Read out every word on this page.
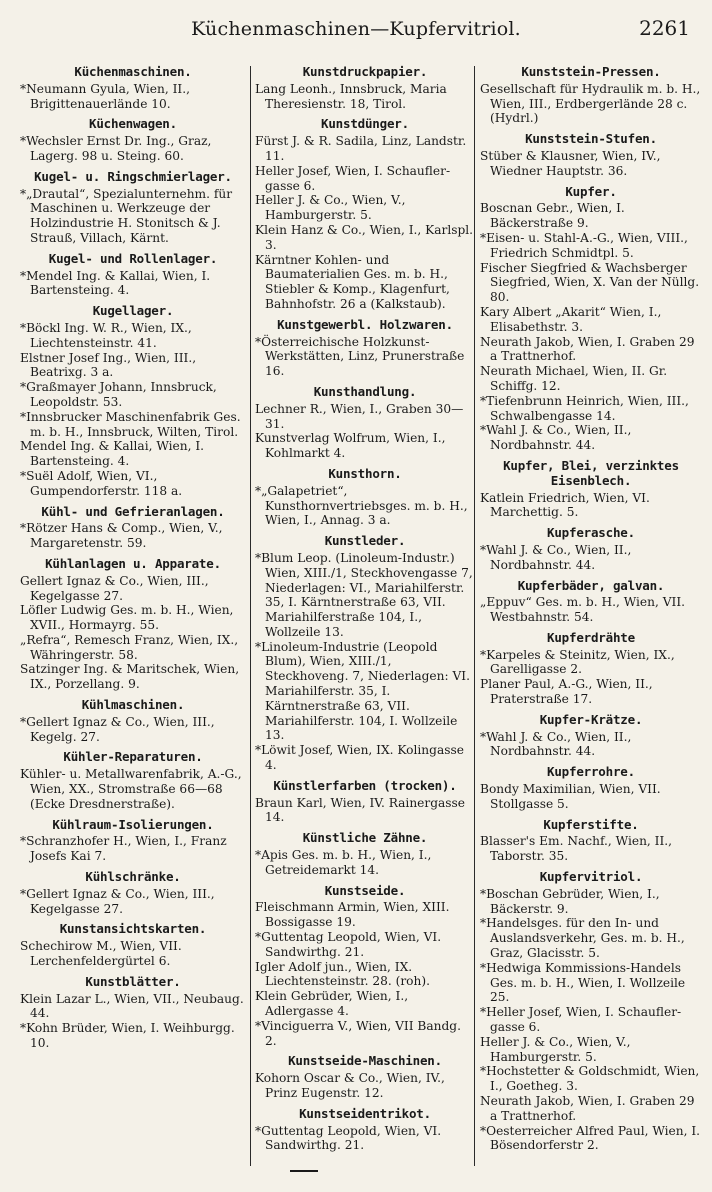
Küchenmaschinen—Kupfervitriol.	2261
Küchenmaschinen.
*Neumann Gyula, Wien, II., Brigittenauerlände 10.
Küchenwagen.
*Wechsler Ernst Dr. Ing., Graz, Lagerg. 98 u. Steing. 60.
Kugel- u. Ringschmierlager.
*„Drautal“, Spezialunternehm. für Maschinen u. Werkzeuge der Holzindustrie H. Stonitsch & J. Strauß, Villach, Kärnt.
Kugel- und Rollenlager.
*Mendel Ing. & Kallai, Wien, I. Bartensteing. 4.
Kugellager.
*Böckl Ing. W. R., Wien, IX., Liechtensteinstr. 41.
Elstner Josef Ing., Wien, III., Beatrixg. 3 a.
*Graßmayer Johann, Innsbruck, Leopoldstr. 53.
*Innsbrucker Maschinenfabrik Ges. m. b. H., Innsbruck, Wilten, Tirol.
Mendel Ing. & Kallai, Wien, I. Bartensteing. 4.
*Suël Adolf, Wien, VI., Gumpendorferstr. 118 a.
Kühl- und Gefrieranlagen.
*Rötzer Hans & Comp., Wien, V., Margaretenstr. 59.
Kühlanlagen u. Apparate.
Gellert Ignaz & Co., Wien, III., Kegelgasse 27.
Löfler Ludwig Ges. m. b. H., Wien, XVII., Hormayrg. 55.
„Refra“, Remesch Franz, Wien, IX., Währingerstr. 58.
Satzinger Ing. & Maritschek, Wien, IX., Porzellang. 9.
Kühlmaschinen.
*Gellert Ignaz & Co., Wien, III., Kegelg. 27.
Kühler-Reparaturen.
Kühler- u. Metallwarenfabrik, A.-G., Wien, XX., Stromstraße 66—68 (Ecke Dresdnerstraße).
Kühlraum-Isolierungen.
*Schranzhofer H., Wien, I., Franz Josefs Kai 7.
Kühlschränke.
*Gellert Ignaz & Co., Wien, III., Kegelgasse 27.
Kunstansichtskarten.
Schechirow M., Wien, VII. Lerchenfeldergürtel 6.
Kunstblätter.
Klein Lazar L., Wien, VII., Neubaug. 44.
*Kohn Brüder, Wien, I. Weihburgg. 10.
Kunstdruckpapier.
Lang Leonh., Innsbruck, Maria Theresienstr. 18, Tirol.
Kunstdünger.
Fürst J. & R. Sadila, Linz, Landstr. 11.
Heller Josef, Wien, I. Schaufler-gasse 6.
Heller J. & Co., Wien, V., Hamburgerstr. 5.
Klein Hanz & Co., Wien, I., Karlspl. 3.
Kärntner Kohlen- und Baumaterialien Ges. m. b. H., Stiebler & Komp., Klagenfurt, Bahnhofstr. 26 a (Kalkstaub).
Kunstgewerbl. Holzwaren.
*Österreichische Holzkunst-Werkstätten, Linz, Prunerstraße 16.
Kunsthandlung.
Lechner R., Wien, I., Graben 30—31.
Kunstverlag Wolfrum, Wien, I., Kohlmarkt 4.
Kunsthorn.
*„Galapetriet“, Kunsthornvertriebsges. m. b. H., Wien, I., Annag. 3 a.
Kunstleder.
*Blum Leop. (Linoleum-Industr.) Wien, XIII./1, Steckhovengasse 7, Niederlagen: VI., Mariahilferstr. 35, I. Kärntnerstraße 63, VII. Mariahilferstraße 104, I., Wollzeile 13.
*Linoleum-Industrie (Leopold Blum), Wien, XIII./1, Steckhoveng. 7, Niederlagen: VI. Mariahilferstr. 35, I. Kärntnerstraße 63, VII. Mariahilferstr. 104, I. Wollzeile 13.
*Löwit Josef, Wien, IX. Kolingasse 4.
Künstlerfarben (trocken).
Braun Karl, Wien, IV. Rainergasse 14.
Künstliche Zähne.
*Apis Ges. m. b. H., Wien, I., Getreidemarkt 14.
Kunstseide.
Fleischmann Armin, Wien, XIII. Bossigasse 19.
*Guttentag Leopold, Wien, VI. Sandwirthg. 21.
Igler Adolf jun., Wien, IX. Liechtensteinstr. 28. (roh).
Klein Gebrüder, Wien, I., Adlergasse 4.
*Vinciguerra V., Wien, VII Bandg. 2.
Kunstseide-Maschinen.
Kohorn Oscar & Co., Wien, IV., Prinz Eugenstr. 12.
Kunstseidentrikot.
*Guttentag Leopold, Wien, VI. Sandwirthg. 21.
Kunststein-Pressen.
Gesellschaft für Hydraulik m. b. H., Wien, III., Erdbergerlände 28 c. (Hydrl.)
Kunststein-Stufen.
Stüber & Klausner, Wien, IV., Wiedner Hauptstr. 36.
Kupfer.
Boscnan Gebr., Wien, I. Bäckerstraße 9.
*Eisen- u. Stahl-A.-G., Wien, VIII., Friedrich Schmidtpl. 5.
Fischer Siegfried & Wachsberger Siegfried, Wien, X. Van der Nüllg. 80.
Kary Albert „Akarit“ Wien, I., Elisabethstr. 3.
Neurath Jakob, Wien, I. Graben 29 a Trattnerhof.
Neurath Michael, Wien, II. Gr. Schiffg. 12.
*Tiefenbrunn Heinrich, Wien, III., Schwalbengasse 14.
*Wahl J. & Co., Wien, II., Nordbahnstr. 44.
Kupfer, Blei, verzinktes Eisenblech.
Katlein Friedrich, Wien, VI. Marchettig. 5.
Kupferasche.
*Wahl J. & Co., Wien, II., Nordbahnstr. 44.
Kupferbäder, galvan.
„Eppuv“ Ges. m. b. H., Wien, VII. Westbahnstr. 54.
Kupferdrähte
*Karpeles & Steinitz, Wien, IX., Garelligasse 2.
Planer Paul, A.-G., Wien, II., Praterstraße 17.
Kupfer-Krätze.
*Wahl J. & Co., Wien, II., Nordbahnstr. 44.
Kupferrohre.
Bondy Maximilian, Wien, VII. Stollgasse 5.
Kupferstifte.
Blasser's Em. Nachf., Wien, II., Taborstr. 35.
Kupfervitriol.
*Boschan Gebrüder, Wien, I., Bäckerstr. 9.
*Handelsges. für den In- und Auslandsverkehr, Ges. m. b. H., Graz, Glacisstr. 5.
*Hedwiga Kommissions-Handels Ges. m. b. H., Wien, I. Wollzeile 25.
*Heller Josef, Wien, I. Schaufler-gasse 6.
Heller J. & Co., Wien, V., Hamburgerstr. 5.
*Hochstetter & Goldschmidt, Wien, I., Goetheg. 3.
Neurath Jakob, Wien, I. Graben 29 a Trattnerhof.
*Oesterreicher Alfred Paul, Wien, I. Bösendorferstr 2.
